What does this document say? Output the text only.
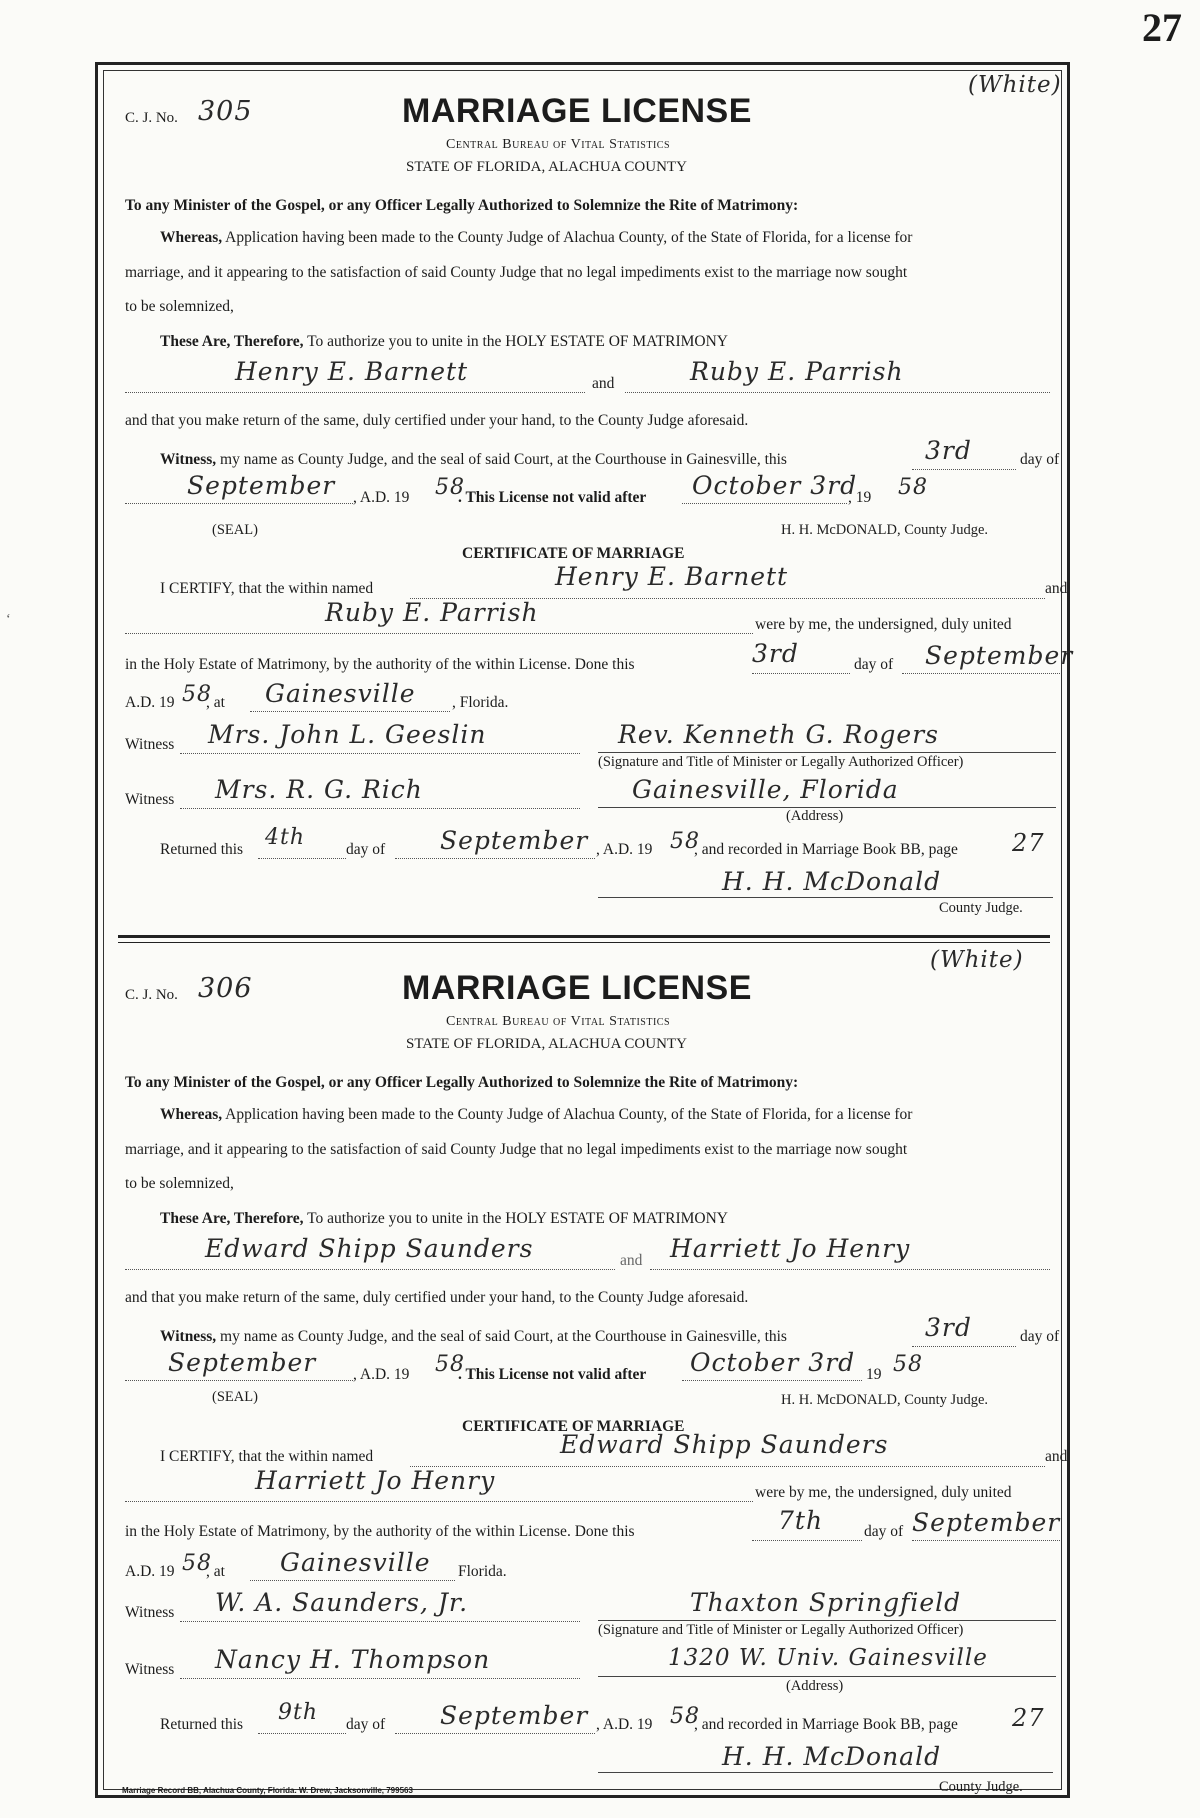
27
ʻ
C. J. No. 305
(White)
MARRIAGE LICENSE
Central Bureau of Vital Statistics
STATE OF FLORIDA, ALACHUA COUNTY
To any Minister of the Gospel, or any Officer Legally Authorized to Solemnize the Rite of Matrimony:
Whereas, Application having been made to the County Judge of Alachua County, of the State of Florida, for a license for
marriage, and it appearing to the satisfaction of said County Judge that no legal impediments exist to the marriage now sought
to be solemnized,
These Are, Therefore, To authorize you to unite in the HOLY ESTATE OF MATRIMONY
Henry E. Barnett	and	Ruby E. Parrish
and that you make return of the same, duly certified under your hand, to the County Judge aforesaid.
Witness, my name as County Judge, and the seal of said Court, at the Courthouse in Gainesville, this	3rd	day of
September , A.D. 19 58
. This License not valid after October 3rd
, 19 58
(SEAL)	H. H. McDONALD, County Judge.
CERTIFICATE OF MARRIAGE
I CERTIFY, that the within named	Henry E. Barnett	and
Ruby E. Parrish	were by me, the undersigned, duly united
in the Holy Estate of Matrimony, by the authority of the within License. Done this	3rd	day of September
A.D. 19 58
, at Gainesville , Florida.
Witness Mrs. John L. Geeslin	Rev. Kenneth G. Rogers
(Signature and Title of Minister or Legally Authorized Officer)
Witness Mrs. R. G. Rich	Gainesville, Florida
(Address)
Returned this 4th	day of September , A.D. 19 58
, and recorded in Marriage Book BB, page 27
H. H. McDonald
County Judge.
C. J. No. 306
(White)
MARRIAGE LICENSE
Central Bureau of Vital Statistics
STATE OF FLORIDA, ALACHUA COUNTY
To any Minister of the Gospel, or any Officer Legally Authorized to Solemnize the Rite of Matrimony:
Whereas, Application having been made to the County Judge of Alachua County, of the State of Florida, for a license for
marriage, and it appearing to the satisfaction of said County Judge that no legal impediments exist to the marriage now sought
to be solemnized,
These Are, Therefore, To authorize you to unite in the HOLY ESTATE OF MATRIMONY
Edward Shipp Saunders	and Harriett Jo Henry
and that you make return of the same, duly certified under your hand, to the County Judge aforesaid.
Witness, my name as County Judge, and the seal of said Court, at the Courthouse in Gainesville, this	3rd	day of
September , A.D. 19 58
. This License not valid after October 3rd 19 58
(SEAL)	H. H. McDONALD, County Judge.
CERTIFICATE OF MARRIAGE
I CERTIFY, that the within named	Edward Shipp Saunders	and
Harriett Jo Henry	were by me, the undersigned, duly united
in the Holy Estate of Matrimony, by the authority of the within License. Done this	7th	day of September
A.D. 19 58
, at Gainesville Florida.
Witness W. A. Saunders, Jr.	Thaxton Springfield
(Signature and Title of Minister or Legally Authorized Officer)
Witness Nancy H. Thompson	1320 W. Univ. Gainesville
(Address)
Returned this 9th day of September , A.D. 19 58
, and recorded in Marriage Book BB, page 27
H. H. McDonald
County Judge.
Marriage Record BB, Alachua County, Florida. W. Drew, Jacksonville, 799563
